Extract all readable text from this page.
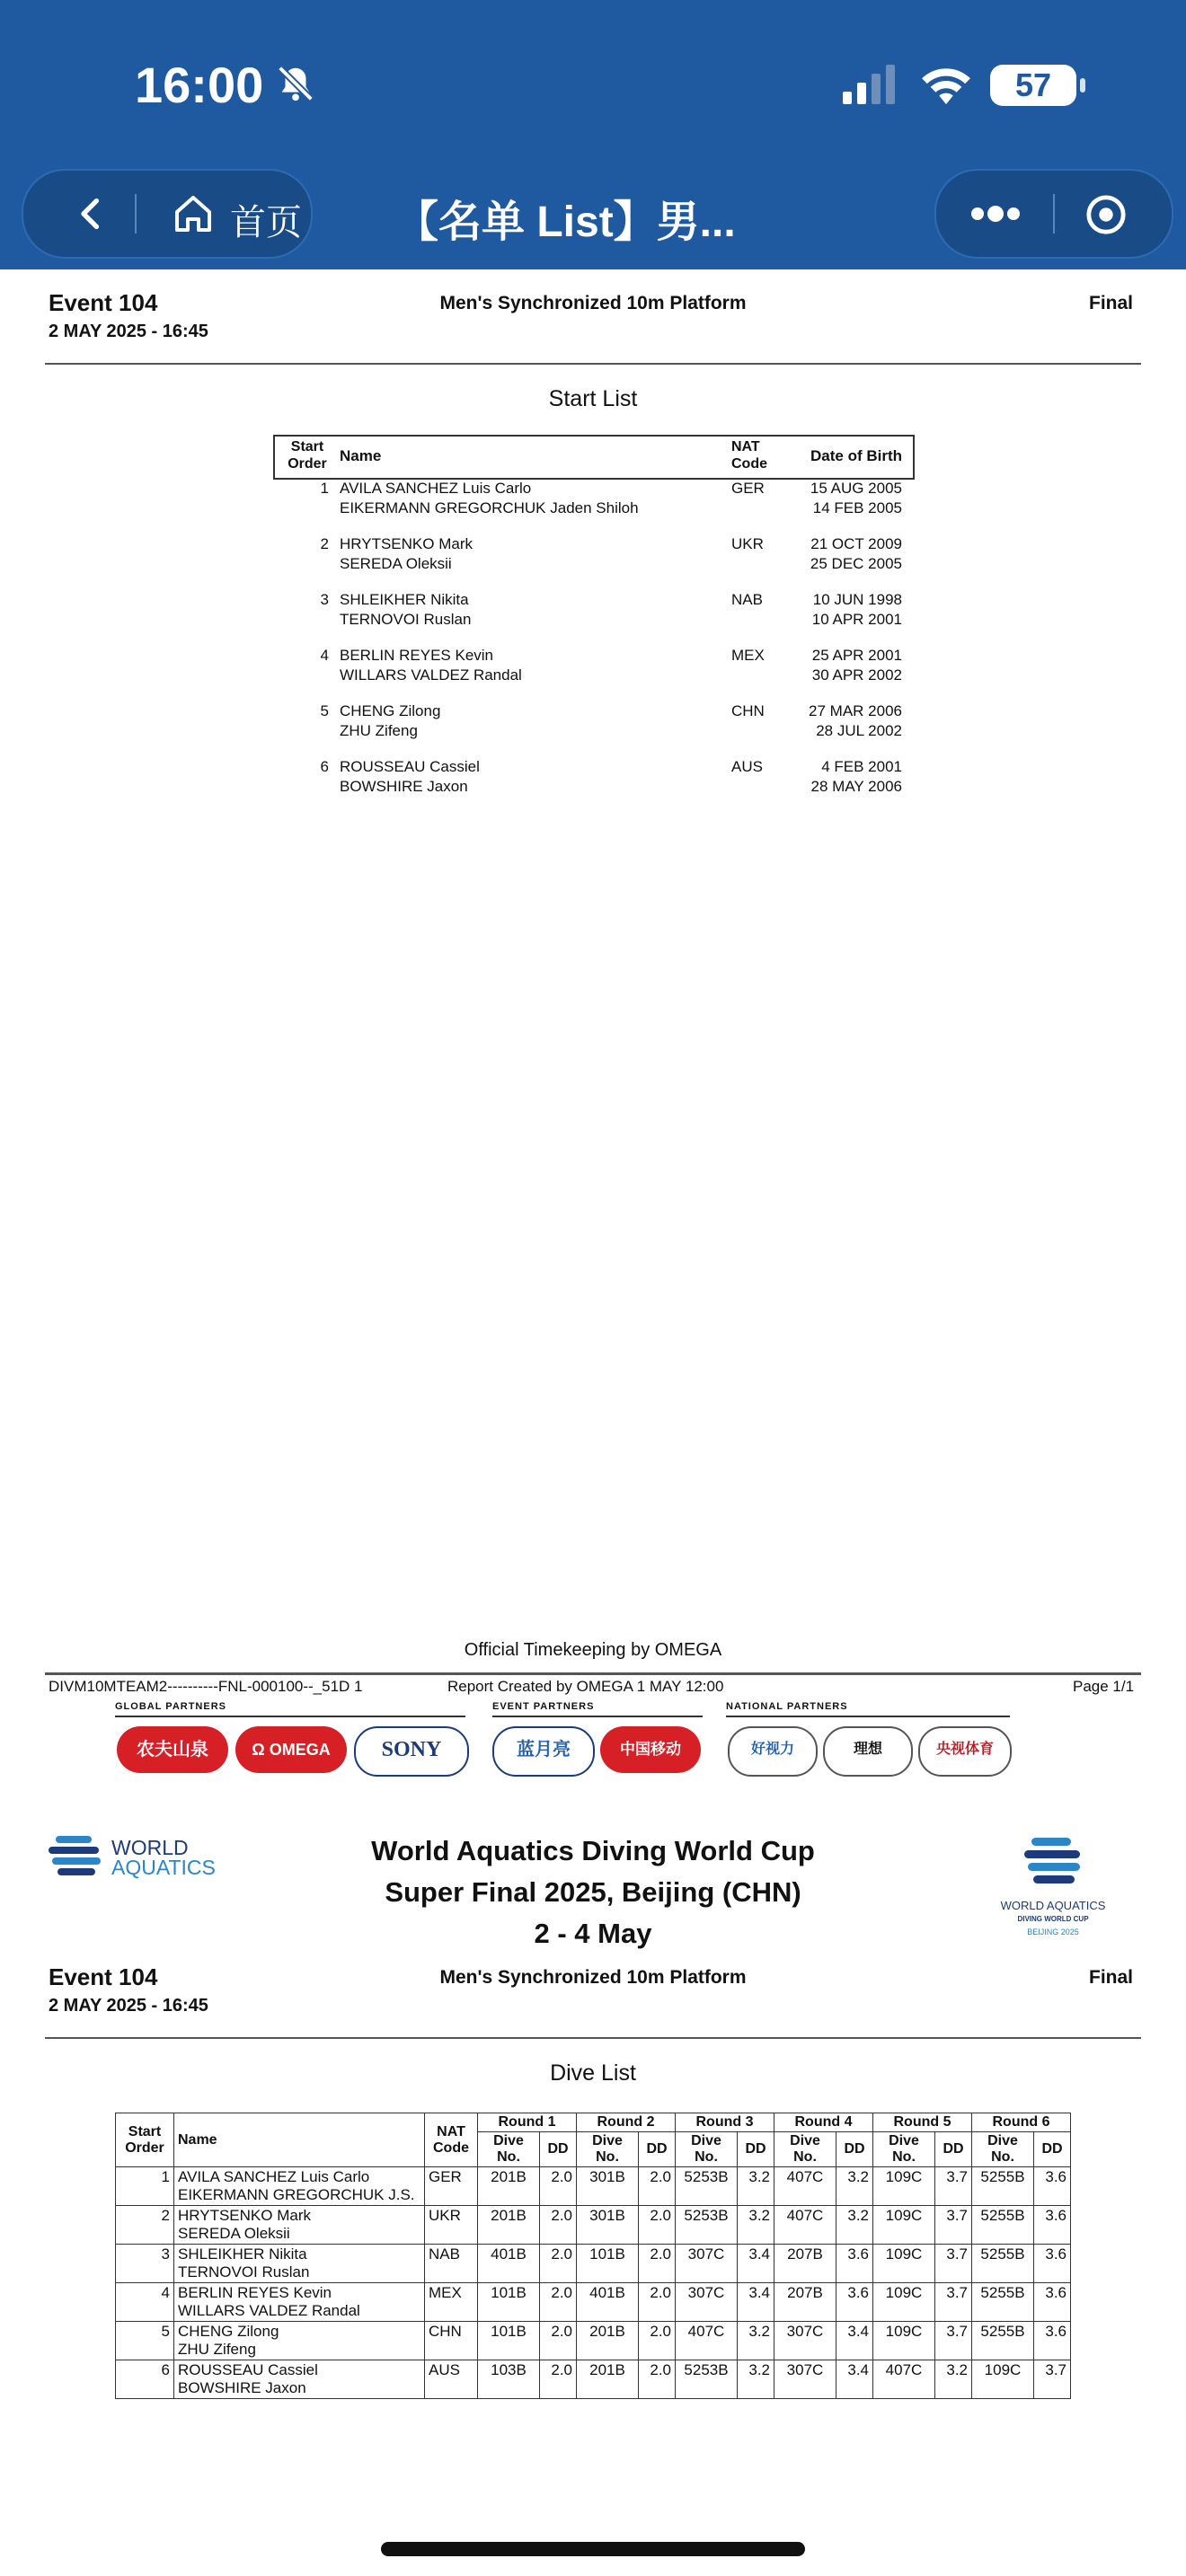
16:00	57
首页 【名单 List】男...
Event 104
2 MAY 2025 - 16:45
Men's Synchronized 10m Platform	Final
Start List
Start Order Name
NAT Code	Date of Birth
1 AVILA SANCHEZ Luis Carlo
EIKERMANN GREGORCHUK Jaden Shiloh
GER	15 AUG 2005
14 FEB 2005
2 HRYTSENKO Mark
SEREDA Oleksii
UKR	21 OCT 2009
25 DEC 2005
3 SHLEIKHER Nikita
TERNOVOI Ruslan
NAB	10 JUN 1998
10 APR 2001
4 BERLIN REYES Kevin
WILLARS VALDEZ Randal
MEX	25 APR 2001
30 APR 2002
5 CHENG Zilong
ZHU Zifeng
CHN	27 MAR 2006
28 JUL 2002
6 ROUSSEAU Cassiel
BOWSHIRE Jaxon
AUS	4 FEB 2001
28 MAY 2006
Official Timekeeping by OMEGA
DIVM10MTEAM2----------FNL-000100--_51D 1	Report Created by OMEGA 1 MAY 12:00	Page 1/1
GLOBAL PARTNERS	EVENT PARTNERS	NATIONAL PARTNERS
农夫山泉	Ω OMEGA	SONY	蓝月亮	中国移动	好视力	理想	央视体育
WORLD
AQUATICS
World Aquatics Diving World Cup
Super Final 2025, Beijing (CHN)
2 - 4 May
WORLD AQUATICS
DIVING WORLD CUP
BEIJING 2025
Event 104
2 MAY 2025 - 16:45
Men's Synchronized 10m Platform	Final
Dive List
Start Order	Name	NAT Code	Round 1		Round 2		Round 3		Round 4		Round 5		Round 6	
			Dive No.	DD	Dive No.	DD	Dive No.	DD	Dive No.	DD	Dive No.	DD	Dive No.	DD
1	AVILA SANCHEZ Luis Carlo
EIKERMANN GREGORCHUK J.S.	GER	201B	2.0	301B	2.0	5253B	3.2	407C	3.2	109C	3.7	5255B	3.6
2	HRYTSENKO Mark
SEREDA Oleksii	UKR	201B	2.0	301B	2.0	5253B	3.2	407C	3.2	109C	3.7	5255B	3.6
3	SHLEIKHER Nikita
TERNOVOI Ruslan	NAB	401B	2.0	101B	2.0	307C	3.4	207B	3.6	109C	3.7	5255B	3.6
4	BERLIN REYES Kevin
WILLARS VALDEZ Randal	MEX	101B	2.0	401B	2.0	307C	3.4	207B	3.6	109C	3.7	5255B	3.6
5	CHENG Zilong
ZHU Zifeng	CHN	101B	2.0	201B	2.0	407C	3.2	307C	3.4	109C	3.7	5255B	3.6
6	ROUSSEAU Cassiel
BOWSHIRE Jaxon	AUS	103B	2.0	201B	2.0	5253B	3.2	307C	3.4	407C	3.2	109C	3.7
